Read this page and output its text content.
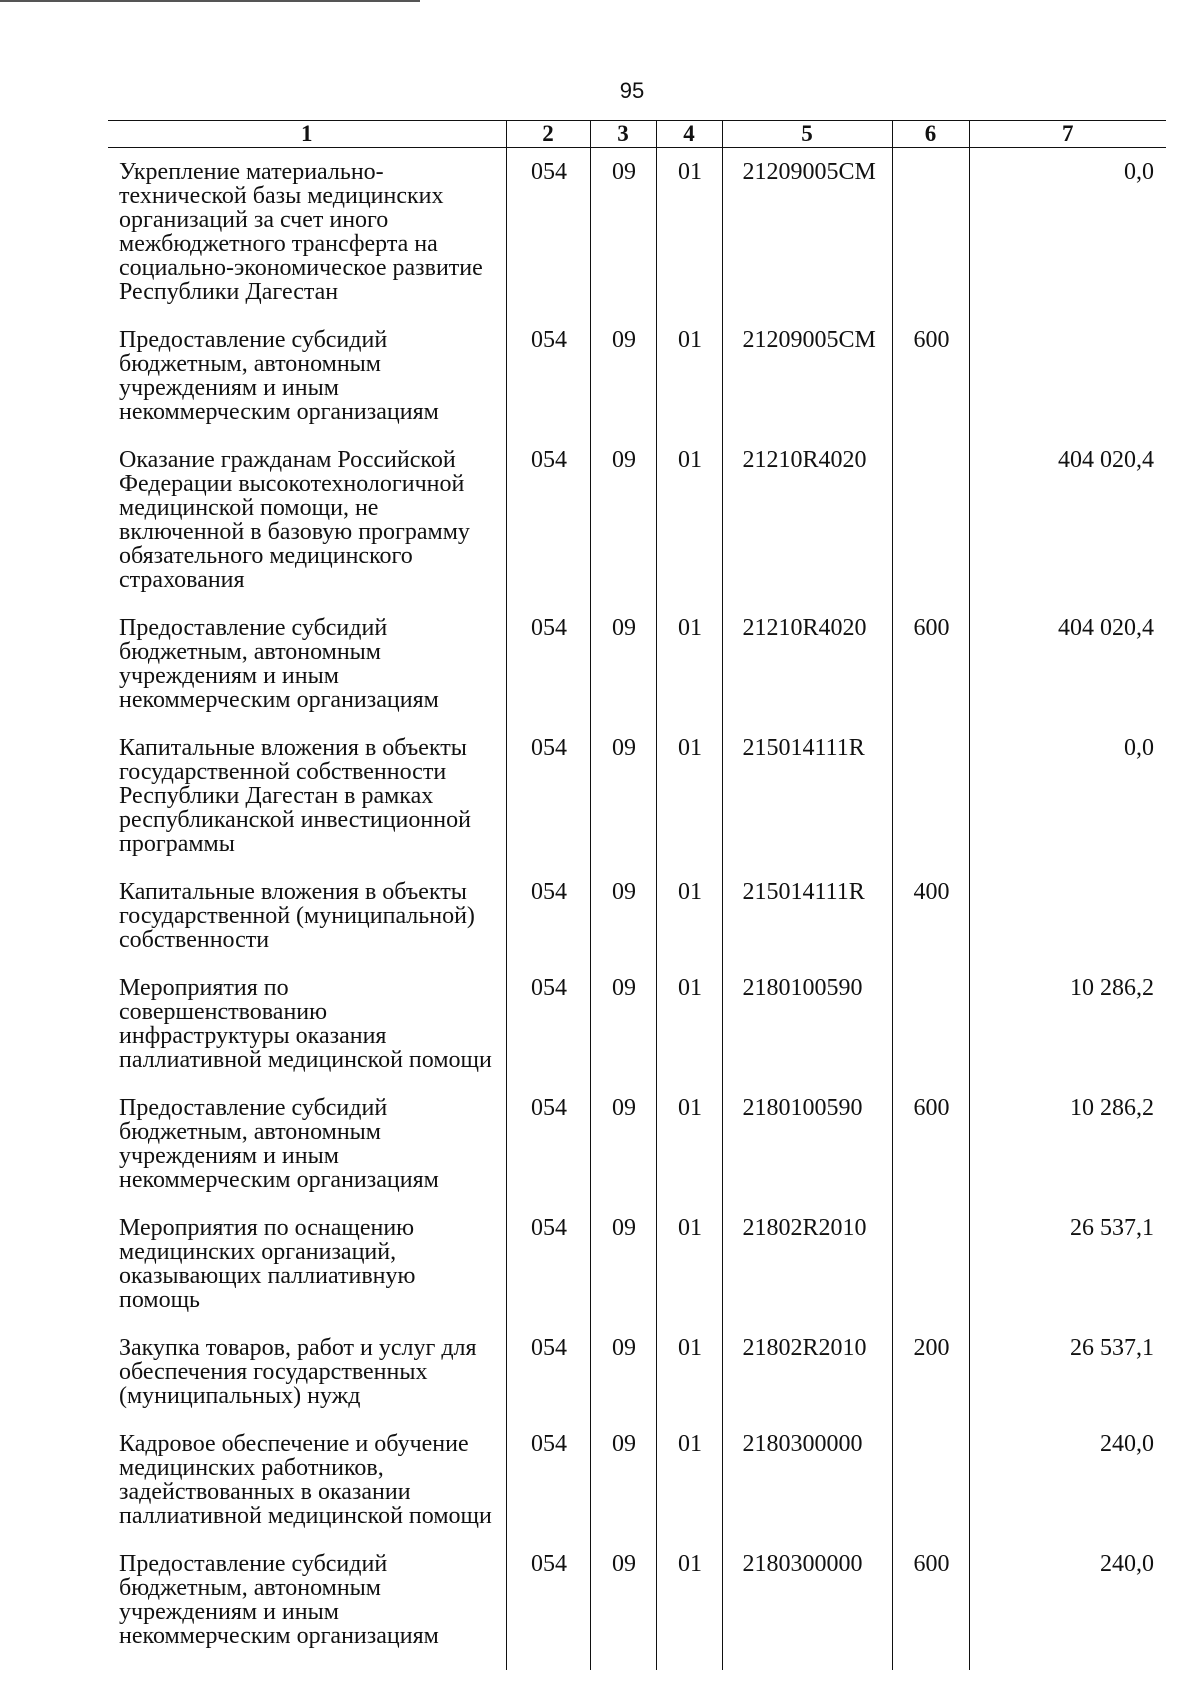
95
1	2	3	4	5	6	7
Укрепление материально-технической базы медицинских организаций за счет иного межбюджетного трансферта на социально-экономическое развитие Республики Дагестан	054	09	01	21209005СМ		0,0
Предоставление субсидий бюджетным, автономным учреждениям и иным некоммерческим организациям	054	09	01	21209005СМ	600	
Оказание гражданам Российской Федерации высокотехнологичной медицинской помощи, не включенной в базовую программу обязательного медицинского страхования	054	09	01	21210R4020		404 020,4
Предоставление субсидий бюджетным, автономным учреждениям и иным некоммерческим организациям	054	09	01	21210R4020	600	404 020,4
Капитальные вложения в объекты государственной собственности Республики Дагестан в рамках республиканской инвестиционной программы	054	09	01	215014111R		0,0
Капитальные вложения в объекты государственной (муниципальной) собственности	054	09	01	215014111R	400	
Мероприятия по совершенствованию инфраструктуры оказания паллиативной медицинской помощи	054	09	01	2180100590		10 286,2
Предоставление субсидий бюджетным, автономным учреждениям и иным некоммерческим организациям	054	09	01	2180100590	600	10 286,2
Мероприятия по оснащению медицинских организаций, оказывающих паллиативную помощь	054	09	01	21802R2010		26 537,1
Закупка товаров, работ и услуг для обеспечения государственных (муниципальных) нужд	054	09	01	21802R2010	200	26 537,1
Кадровое обеспечение и обучение медицинских работников, задействованных в оказании паллиативной медицинской помощи	054	09	01	2180300000		240,0
Предоставление субсидий бюджетным, автономным учреждениям и иным некоммерческим организациям	054	09	01	2180300000	600	240,0
